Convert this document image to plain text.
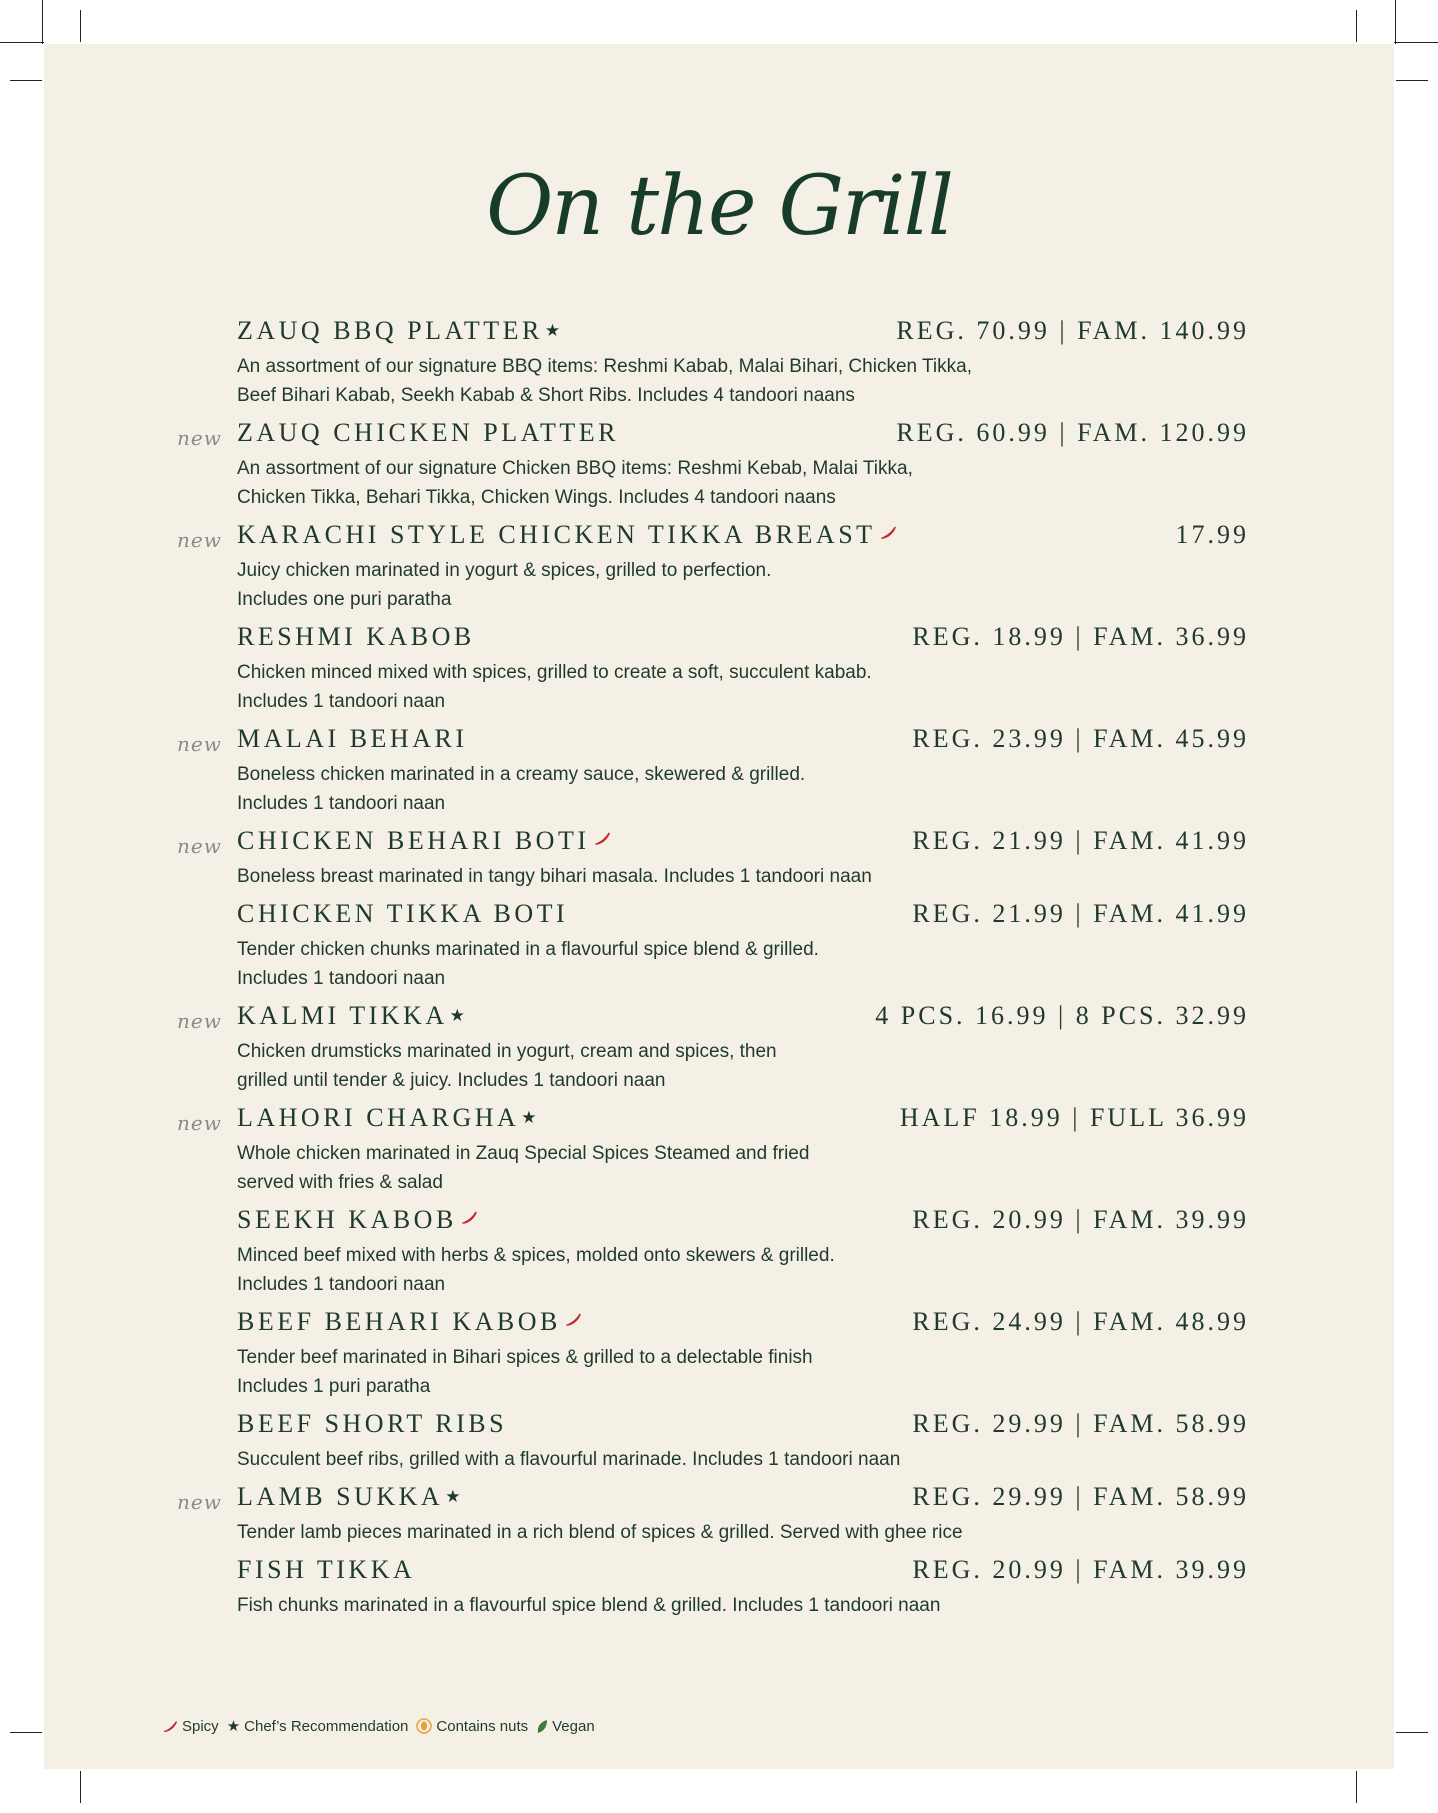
On the Grill
ZAUQ BBQ PLATTER ★	REG. 70.99 | FAM. 140.99
An assortment of our signature BBQ items: Reshmi Kabab, Malai Bihari, Chicken Tikka,
Beef Bihari Kabab, Seekh Kabab & Short Ribs. Includes 4 tandoori naans
new ZAUQ CHICKEN PLATTER	REG. 60.99 | FAM. 120.99
An assortment of our signature Chicken BBQ items: Reshmi Kebab, Malai Tikka,
Chicken Tikka, Behari Tikka, Chicken Wings. Includes 4 tandoori naans
new KARACHI STYLE CHICKEN TIKKA BREAST	17.99
Juicy chicken marinated in yogurt & spices, grilled to perfection.
Includes one puri paratha
RESHMI KABOB	REG. 18.99 | FAM. 36.99
Chicken minced mixed with spices, grilled to create a soft, succulent kabab.
Includes 1 tandoori naan
new MALAI BEHARI	REG. 23.99 | FAM. 45.99
Boneless chicken marinated in a creamy sauce, skewered & grilled.
Includes 1 tandoori naan
new CHICKEN BEHARI BOTI	REG. 21.99 | FAM. 41.99
Boneless breast marinated in tangy bihari masala. Includes 1 tandoori naan
CHICKEN TIKKA BOTI	REG. 21.99 | FAM. 41.99
Tender chicken chunks marinated in a flavourful spice blend & grilled.
Includes 1 tandoori naan
new KALMI TIKKA ★	4 PCS. 16.99 | 8 PCS. 32.99
Chicken drumsticks marinated in yogurt, cream and spices, then
grilled until tender & juicy. Includes 1 tandoori naan
new LAHORI CHARGHA ★	HALF 18.99 | FULL 36.99
Whole chicken marinated in Zauq Special Spices Steamed and fried
served with fries & salad
SEEKH KABOB	REG. 20.99 | FAM. 39.99
Minced beef mixed with herbs & spices, molded onto skewers & grilled.
Includes 1 tandoori naan
BEEF BEHARI KABOB	REG. 24.99 | FAM. 48.99
Tender beef marinated in Bihari spices & grilled to a delectable finish
Includes 1 puri paratha
BEEF SHORT RIBS	REG. 29.99 | FAM. 58.99
Succulent beef ribs, grilled with a flavourful marinade. Includes 1 tandoori naan
new LAMB SUKKA ★	REG. 29.99 | FAM. 58.99
Tender lamb pieces marinated in a rich blend of spices & grilled. Served with ghee rice
FISH TIKKA	REG. 20.99 | FAM. 39.99
Fish chunks marinated in a flavourful spice blend & grilled. Includes 1 tandoori naan
Spicy ★ Chef’s Recommendation Contains nuts Vegan
